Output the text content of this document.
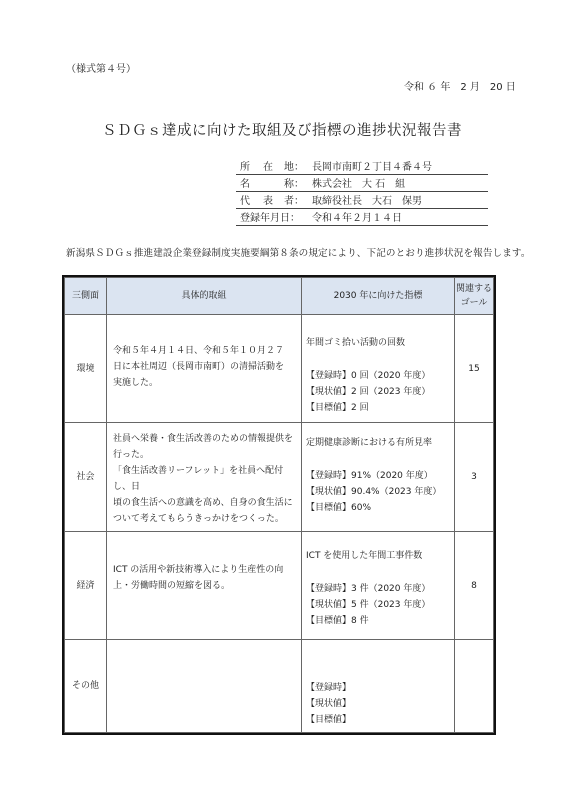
（様式第４号）
令和 ６ 年　2 月　20 日
ＳＤＧｓ達成に向けた取組及び指標の進捗状況報告書
所 在 地：	長岡市南町２丁目４番４号
名 称：	株式会社　大 石　組
代 表 者：	取締役社長　大石　保男
登録年月日：	令和４年２月１４日
新潟県ＳＤＧｓ推進建設企業登録制度実施要綱第８条の規定により、下記のとおり進捗状況を報告します。
三側面	具体的取組	2030 年に向けた指標	関連する
ゴール
環境	令和５年４月１４日、令和５年１０月２７
日に本社周辺（長岡市南町）の清掃活動を
実施した。	年間ゴミ拾い活動の回数
【登録時】0 回（2020 年度）
【現状値】2 回（2023 年度）
【目標値】2 回	15
社会	社員へ栄養・食生活改善のための情報提供を
行った。
「食生活改善リーフレット」を社員へ配付し、日
頃の食生活への意識を高め、自身の食生活に
ついて考えてもらうきっかけをつくった。	定期健康診断における有所見率
【登録時】91%（2020 年度）
【現状値】90.4%（2023 年度）
【目標値】60%	3
経済	ICT の活用や新技術導入により生産性の向
上・労働時間の短縮を図る。	ICT を使用した年間工事件数
【登録時】3 件（2020 年度）
【現状値】5 件（2023 年度）
【目標値】8 件	8
その他		【登録時】
【現状値】
【目標値】	
